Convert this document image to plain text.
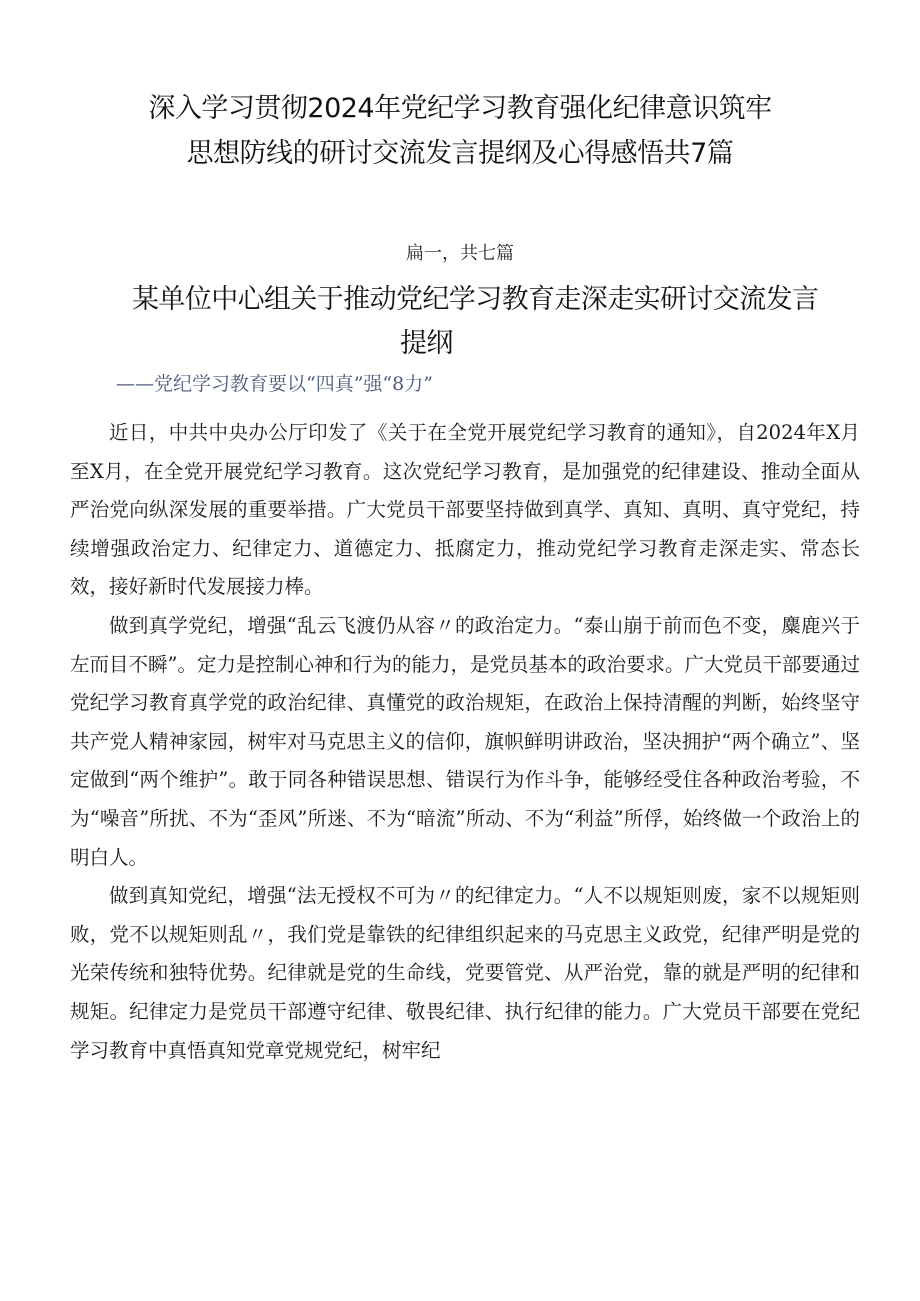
深入学习贯彻2024年党纪学习教育强化纪律意识筑牢
思想防线的研讨交流发言提纲及心得感悟共7篇
扁一，共七篇
某单位中心组关于推动党纪学习教育走深走实研讨交流发言
提纲
——党纪学习教育要以“四真”强“8力”

近日，中共中央办公厅印发了《关于在全党开展党纪学习教育的通知》，自2024年X月至X月，在全党开展党纪学习教育。这次党纪学习教育，是加强党的纪律建设、推动全面从严治党向纵深发展的重要举措。广大党员干部要坚持做到真学、真知、真明、真守党纪，持续增强政治定力、纪律定力、道德定力、抵腐定力，推动党纪学习教育走深走实、常态长效，接好新时代发展接力棒。

做到真学党纪，增强“乱云飞渡仍从容〃的政治定力。“泰山崩于前而色不变，麋鹿兴于左而目不瞬”。定力是控制心神和行为的能力，是党员基本的政治要求。广大党员干部要通过党纪学习教育真学党的政治纪律、真懂党的政治规矩，在政治上保持清醒的判断，始终坚守共产党人精神家园，树牢对马克思主义的信仰，旗帜鲜明讲政治，坚决拥护“两个确立”、坚定做到“两个维护”。敢于同各种错误思想、错误行为作斗争，能够经受住各种政治考验，不为“噪音”所扰、不为“歪风”所迷、不为“暗流”所动、不为“利益”所俘，始终做一个政治上的明白人。

做到真知党纪，增强“法无授权不可为〃的纪律定力。“人不以规矩则废，家不以规矩则败，党不以规矩则乱〃，我们党是靠铁的纪律组织起来的马克思主义政党，纪律严明是党的光荣传统和独特优势。纪律就是党的生命线，党要管党、从严治党，靠的就是严明的纪律和规矩。纪律定力是党员干部遵守纪律、敬畏纪律、执行纪律的能力。广大党员干部要在党纪学习教育中真悟真知党章党规党纪，树牢纪
